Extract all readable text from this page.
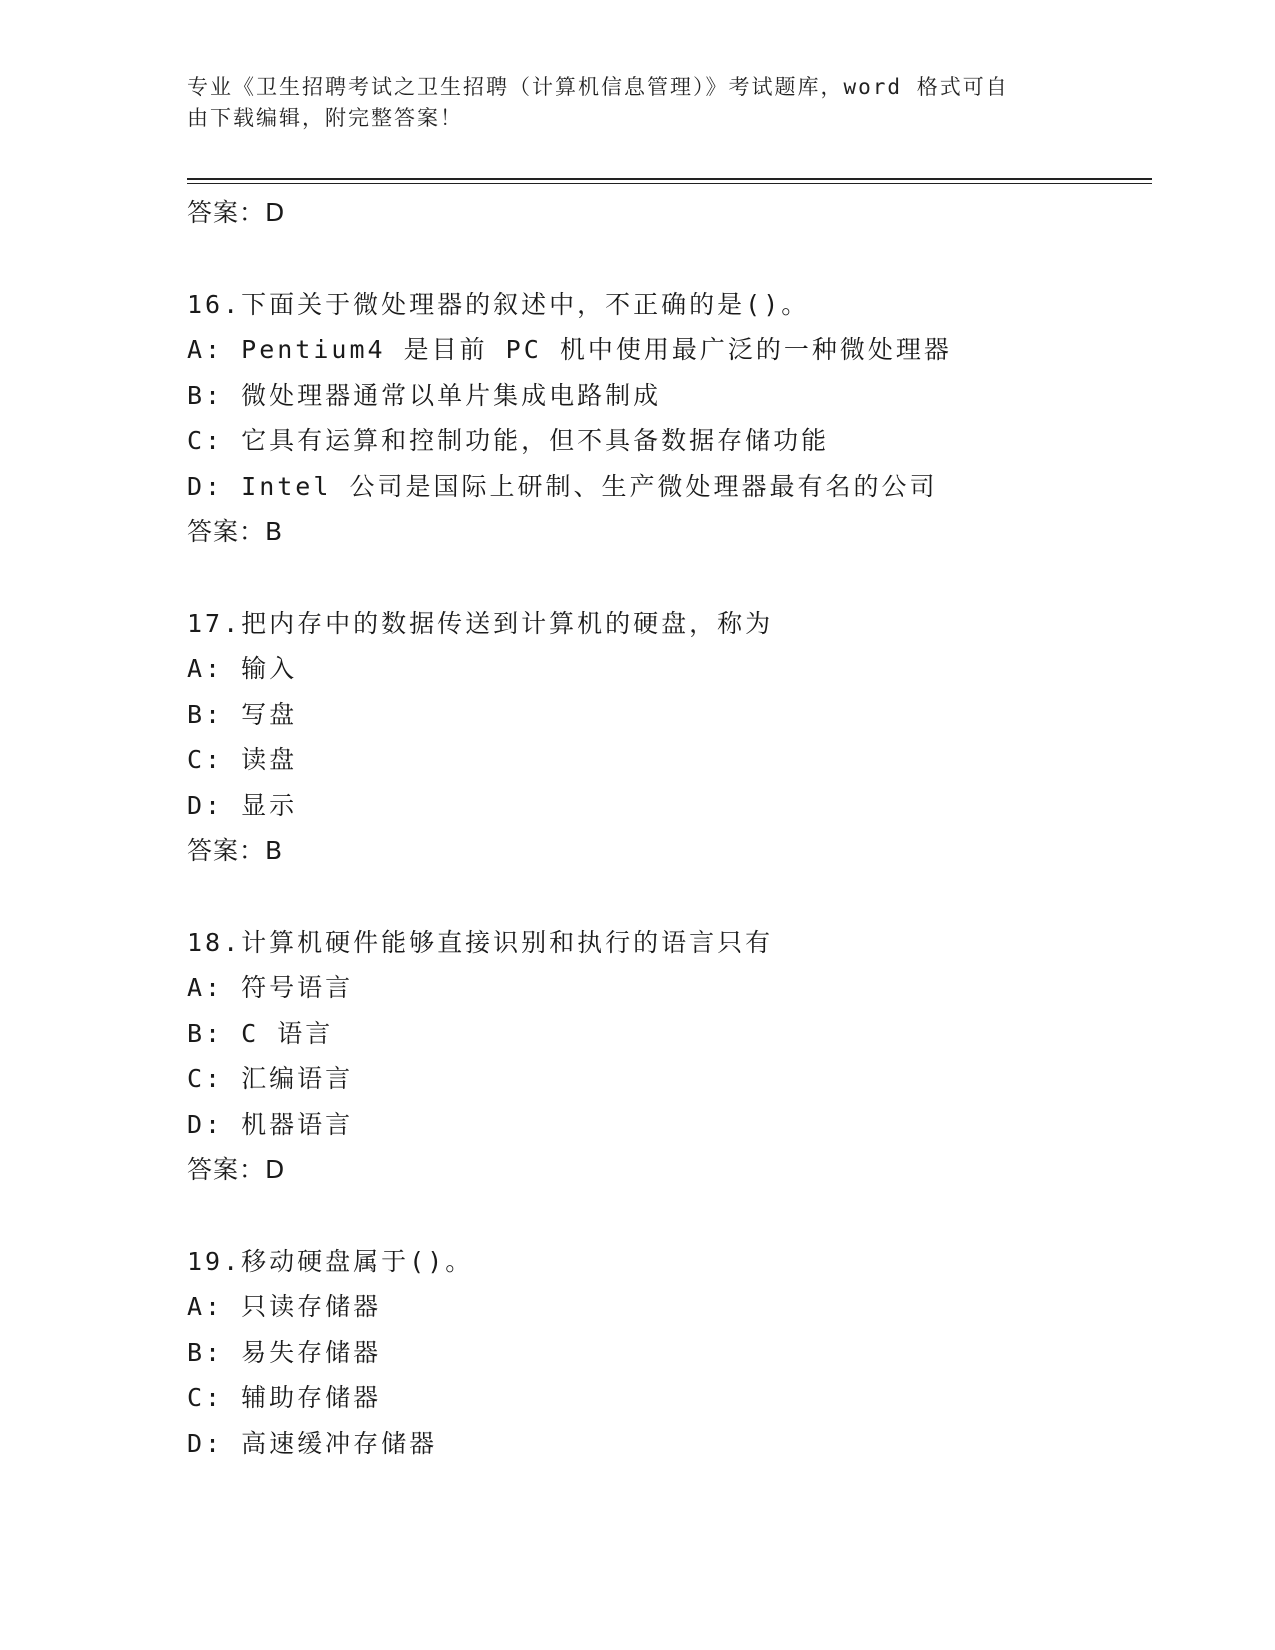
专业《卫生招聘考试之卫生招聘（计算机信息管理）》考试题库，word 格式可自
由下载编辑，附完整答案！
答案：D
16.下面关于微处理器的叙述中，不正确的是()。
A: Pentium4 是目前 PC 机中使用最广泛的一种微处理器
B: 微处理器通常以单片集成电路制成
C: 它具有运算和控制功能，但不具备数据存储功能
D: Intel 公司是国际上研制、生产微处理器最有名的公司
答案：B
17.把内存中的数据传送到计算机的硬盘，称为
A: 输入
B: 写盘
C: 读盘
D: 显示
答案：B
18.计算机硬件能够直接识别和执行的语言只有
A: 符号语言
B: C 语言
C: 汇编语言
D: 机器语言
答案：D
19.移动硬盘属于()。
A: 只读存储器
B: 易失存储器
C: 辅助存储器
D: 高速缓冲存储器
